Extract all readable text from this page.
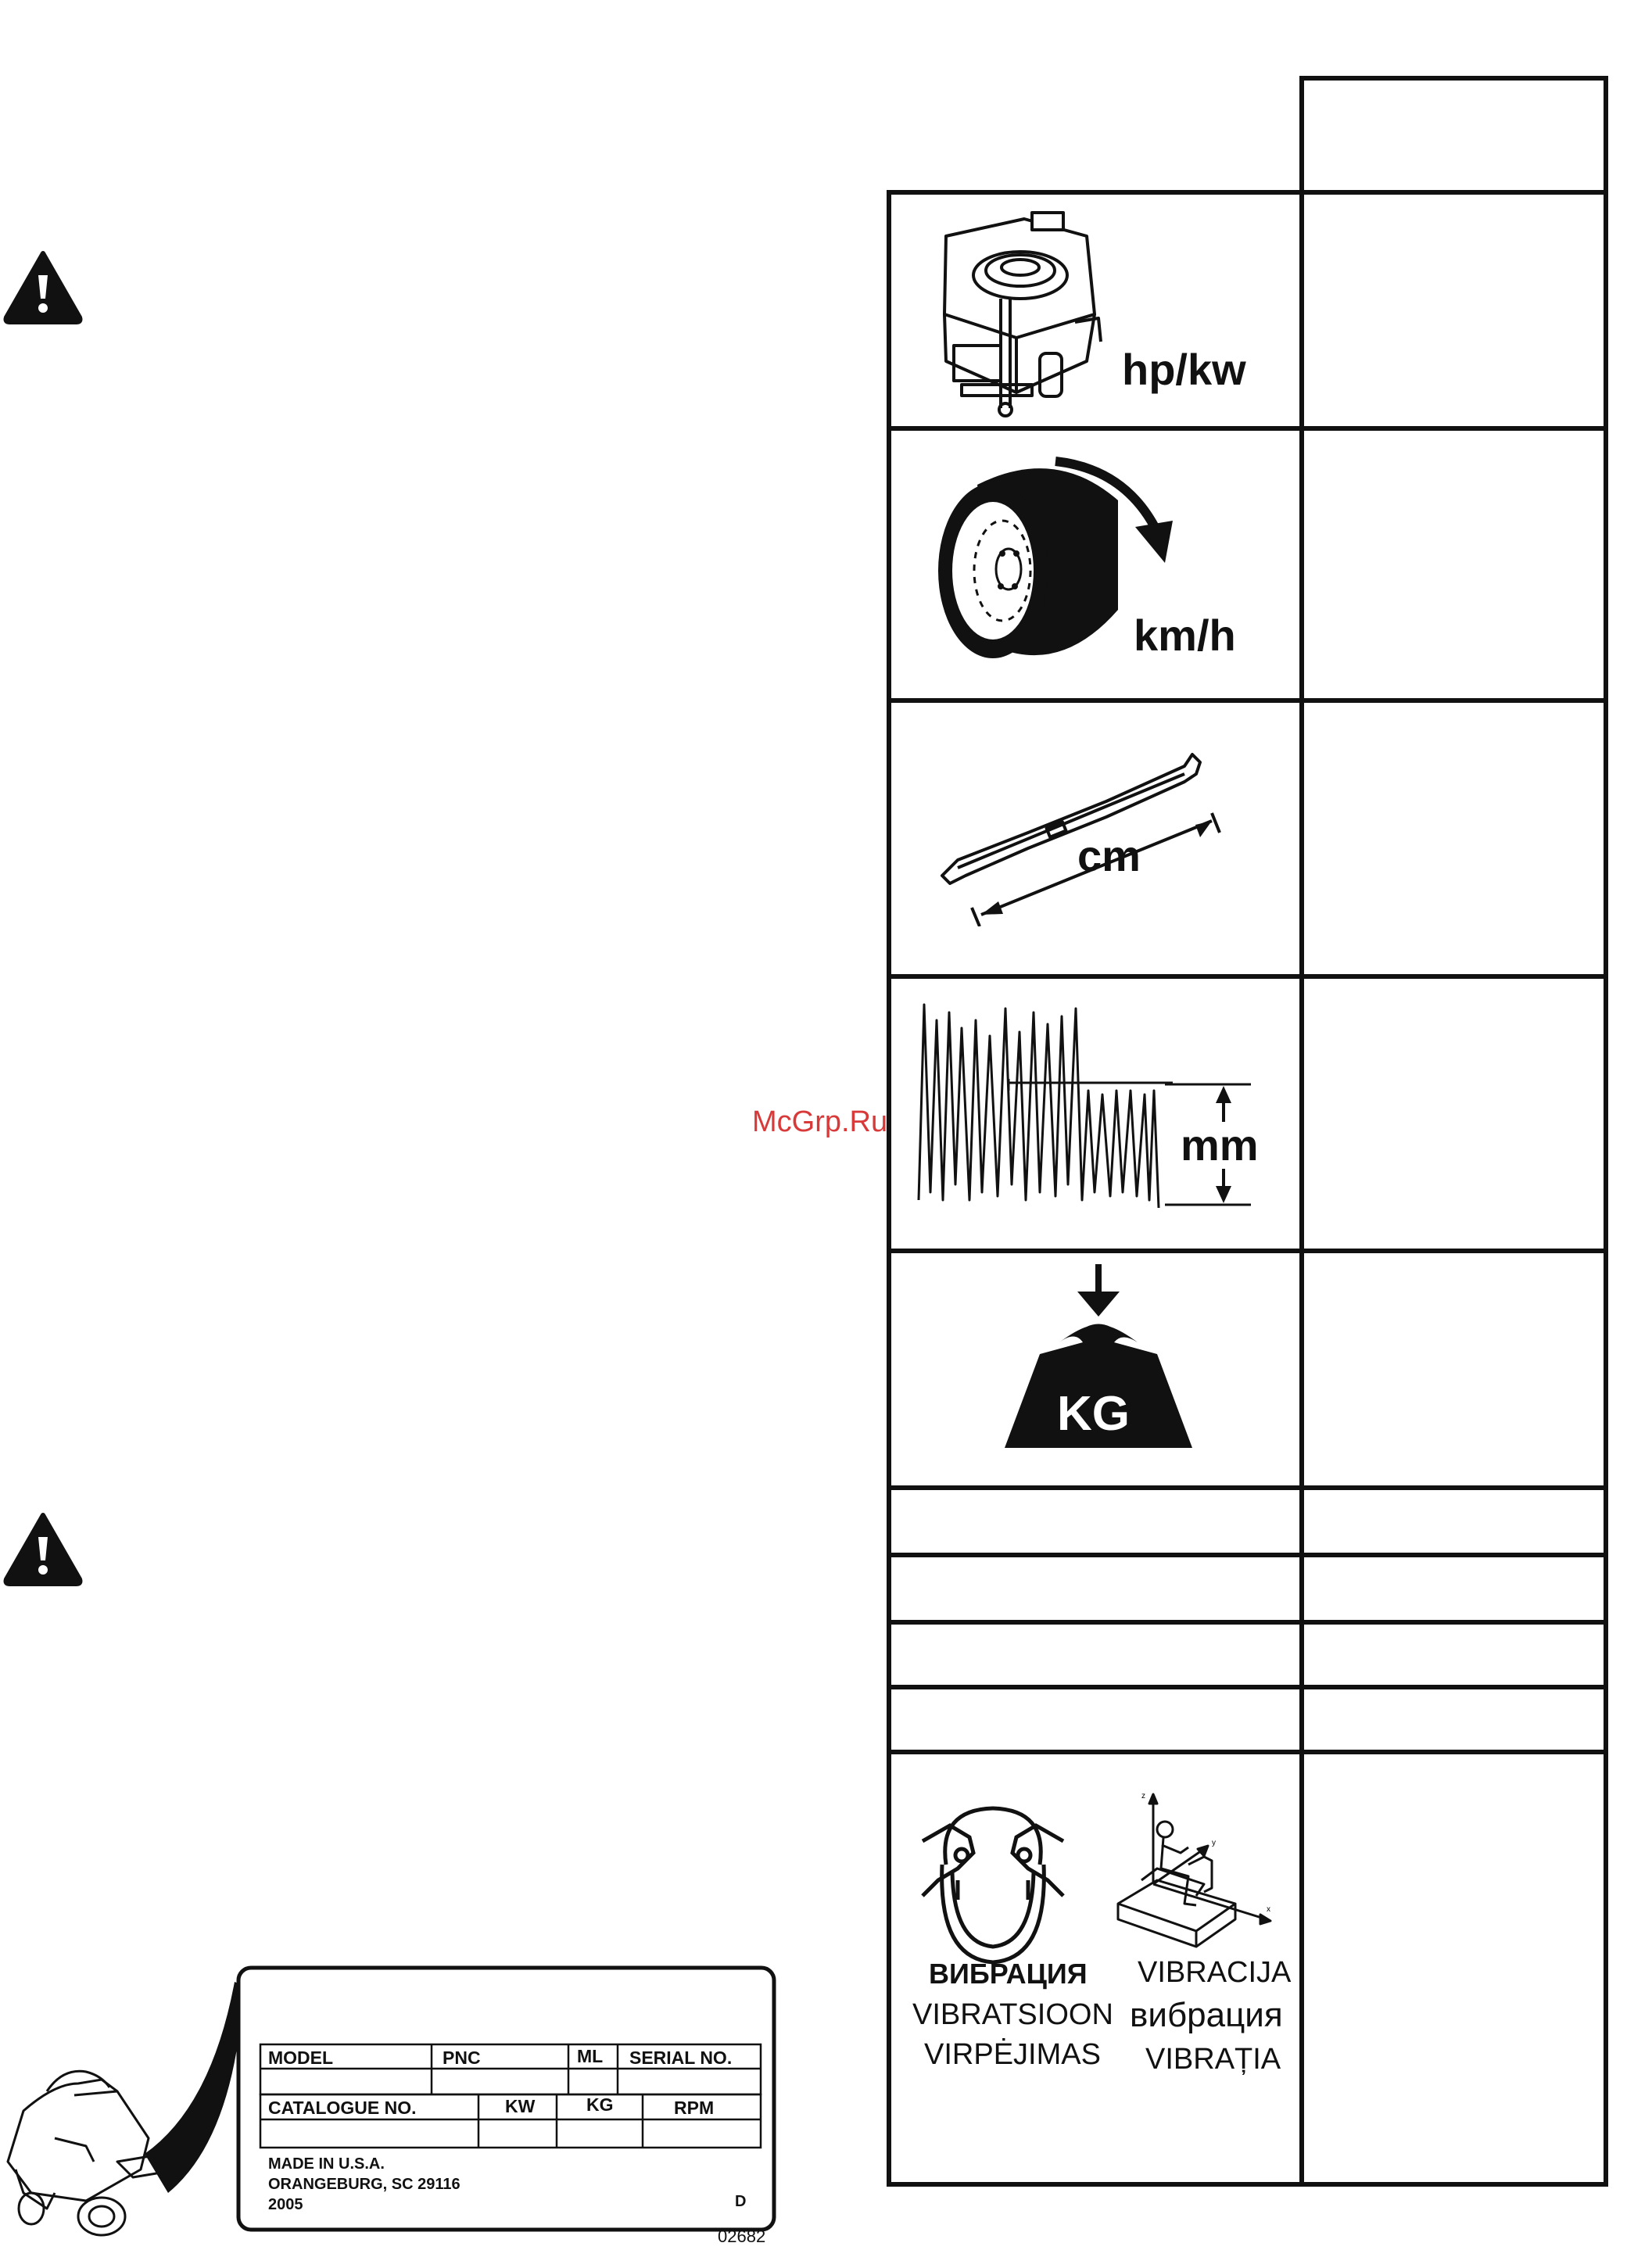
hp/kw
km/h
cm
mm
KG
z
y
x
ВИБРАЦИЯ VIBRACIJA
VIBRATSIOON вибрация
VIRPĖJIMAS VIBRAȚIA
McGrp.Ru
MODEL	PNC	ML SERIAL NO.
CATALOGUE NO.	KW	KG	RPM
MADE IN U.S.A.
ORANGEBURG, SC 29116
2005	D
02682
